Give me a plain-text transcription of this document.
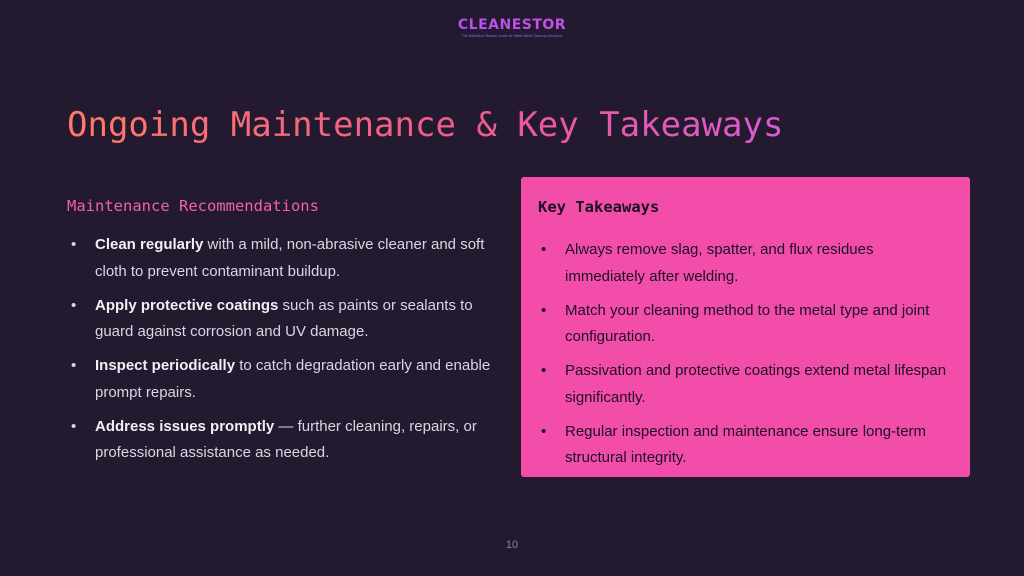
CLEANESTOR
The Definitive Modern Guide for Metal Weld Cleaning Solutions
Ongoing Maintenance & Key Takeaways
Maintenance Recommendations
• Clean regularly with a mild, non-abrasive cleaner and soft cloth to prevent contaminant buildup.
• Apply protective coatings such as paints or sealants to guard against corrosion and UV damage.
• Inspect periodically to catch degradation early and enable prompt repairs.
• Address issues promptly — further cleaning, repairs, or professional assistance as needed.
Key Takeaways
• Always remove slag, spatter, and flux residues immediately after welding.
• Match your cleaning method to the metal type and joint configuration.
• Passivation and protective coatings extend metal lifespan significantly.
• Regular inspection and maintenance ensure long-term structural integrity.
10
